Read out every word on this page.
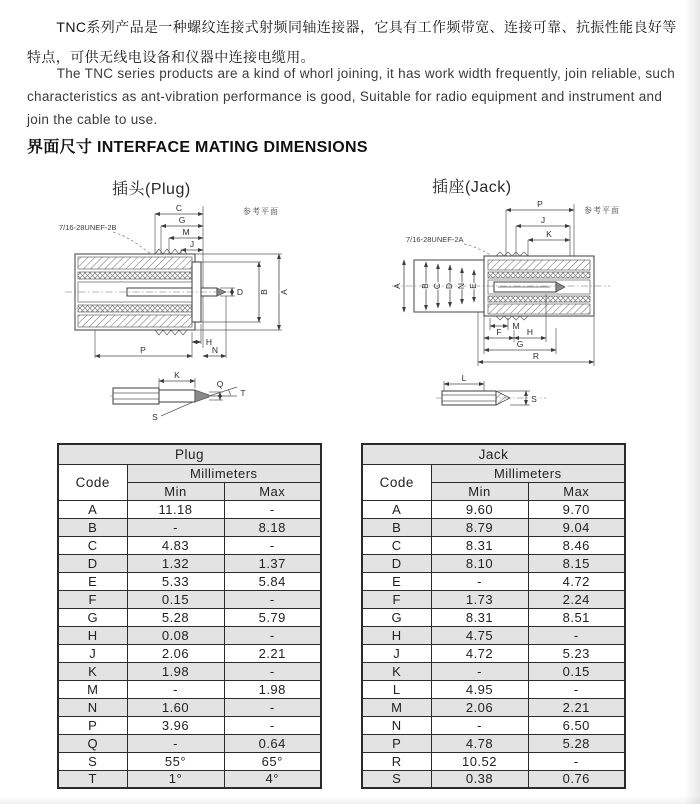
TNC系列产品是一种螺纹连接式射频同轴连接器，它具有工作频带宽、连接可靠、抗振性能良好等特点，可供无线电设备和仪器中连接电缆用。

The TNC series products are a kind of whorl joining, it has work width frequently, join reliable, such characteristics as ant-vibration performance is good, Suitable for radio equipment and instrument and join the cable to use.

界面尺寸 INTERFACE MATING DIMENSIONS
插头(Plug)	插座(Jack)
7/16-28UNEF-2B
参考平面
C
G
M
J
D B A
H
P	N
K
Q
T
S
7/16-28UNEF-2A
参考平面
P
J
K
A B C D N E
M
F	H
G
R
L
S
Plug		
Code	Millimeters	
	Min	Max
A	11.18	-
B	-	8.18
C	4.83	-
D	1.32	1.37
E	5.33	5.84
F	0.15	-
G	5.28	5.79
H	0.08	-
J	2.06	2.21
K	1.98	-
M	-	1.98
N	1.60	-
P	3.96	-
Q	-	0.64
S	55°	65°
T	1°	4°
Jack		
Code	Millimeters	
	Min	Max
A	9.60	9.70
B	8.79	9.04
C	8.31	8.46
D	8.10	8.15
E	-	4.72
F	1.73	2.24
G	8.31	8.51
H	4.75	-
J	4.72	5.23
K	-	0.15
L	4.95	-
M	2.06	2.21
N	-	6.50
P	4.78	5.28
R	10.52	-
S	0.38	0.76
